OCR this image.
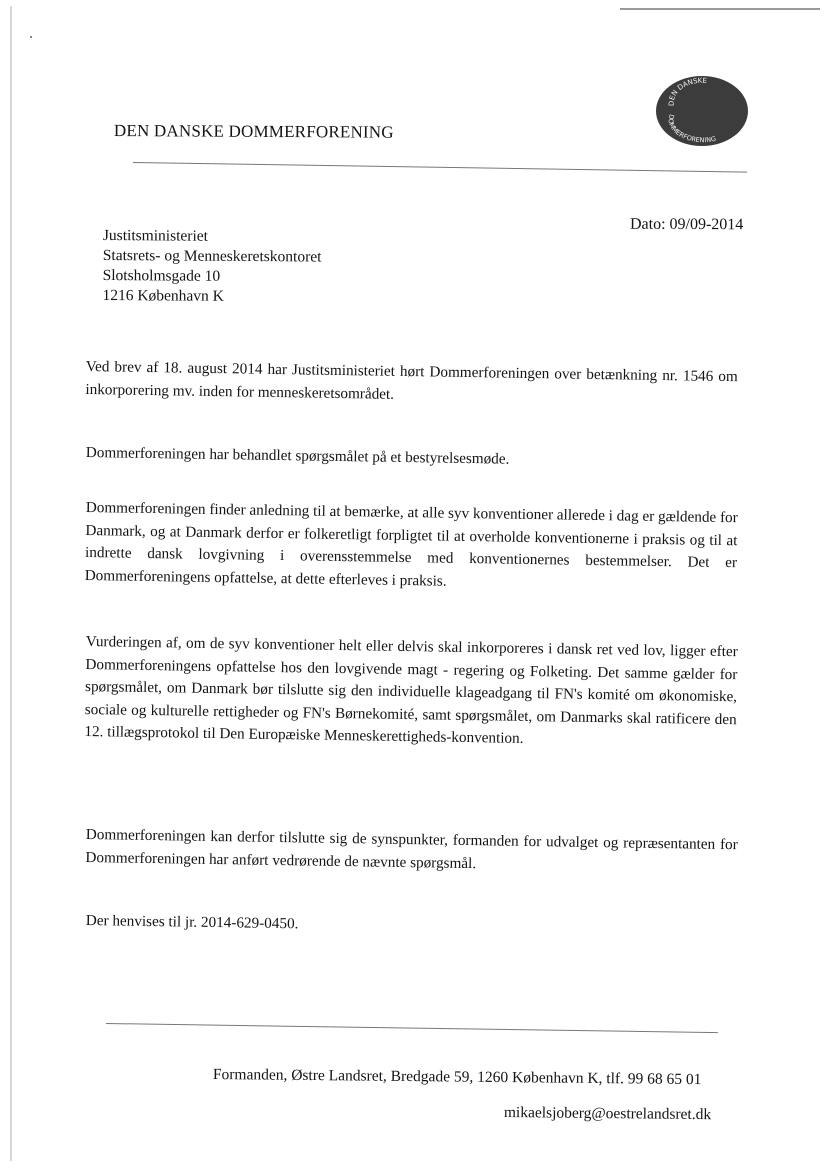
DEN DANSKE DOMMERFORENING
DEN DANSKE
DOMMERFORENING
Dato: 09/09-2014
Justitsministeriet
Statsrets- og Menneskeretskontoret
Slotsholmsgade 10
1216 København K
Ved brev af 18. august 2014 har Justitsministeriet hørt Dommerforeningen over betænkning nr. 1546 om inkorporering mv. inden for menneskeretsområdet.
Dommerforeningen har behandlet spørgsmålet på et bestyrelsesmøde.
Dommerforeningen finder anledning til at bemærke, at alle syv konventioner allerede i dag er gældende for Danmark, og at Danmark derfor er folkeretligt forpligtet til at overholde konventionerne i praksis og til at indrette dansk lovgivning i overensstemmelse med konventionernes bestemmelser. Det er Dommerforeningens opfattelse, at dette efterleves i praksis.
Vurderingen af, om de syv konventioner helt eller delvis skal inkorporeres i dansk ret ved lov, ligger efter Dommerforeningens opfattelse hos den lovgivende magt - regering og Folketing. Det samme gælder for spørgsmålet, om Danmark bør tilslutte sig den individuelle klageadgang til FN's komité om økonomiske, sociale og kulturelle rettigheder og FN's Børnekomité, samt spørgsmålet, om Danmarks skal ratificere den 12. tillægsprotokol til Den Europæiske Menneskerettigheds-konvention.
Dommerforeningen kan derfor tilslutte sig de synspunkter, formanden for udvalget og repræsentanten for Dommerforeningen har anført vedrørende de nævnte spørgsmål.
Der henvises til jr. 2014-629-0450.
Formanden, Østre Landsret, Bredgade 59, 1260 København K, tlf. 99 68 65 01
mikaelsjoberg@oestrelandsret.dk
